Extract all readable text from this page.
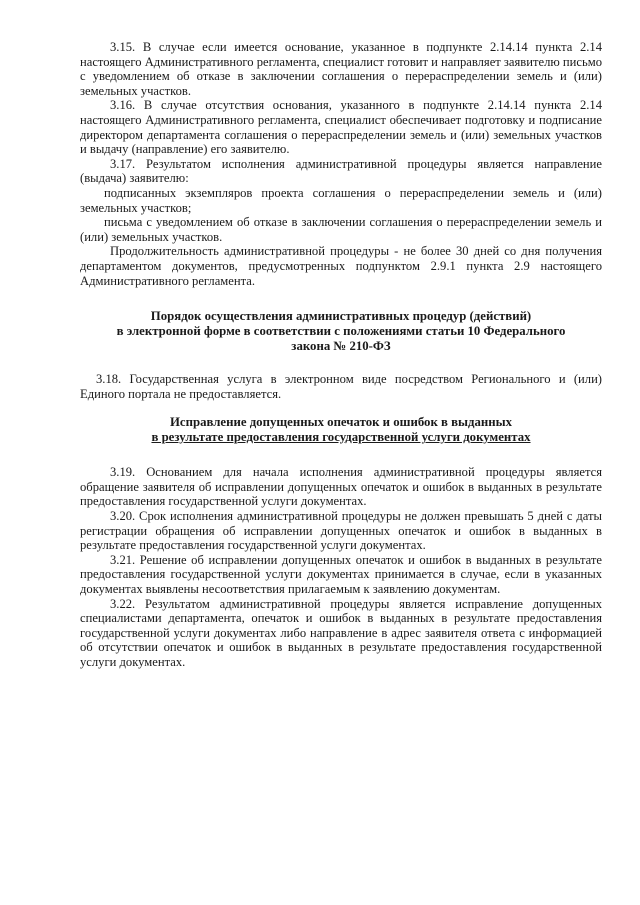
3.15. В случае если имеется основание, указанное в подпункте 2.14.14 пункта 2.14 настоящего Административного регламента, специалист готовит и направляет заявителю письмо с уведомлением об отказе в заключении соглашения о перераспределении земель и (или) земельных участков.

3.16. В случае отсутствия основания, указанного в подпункте 2.14.14 пункта 2.14 настоящего Административного регламента, специалист обеспечивает подготовку и подписание директором департамента соглашения о перераспределении земель и (или) земельных участков и выдачу (направление) его заявителю.

3.17. Результатом исполнения административной процедуры является направление (выдача) заявителю:

подписанных экземпляров проекта соглашения о перераспределении земель и (или) земельных участков;

письма с уведомлением об отказе в заключении соглашения о перераспределении земель и (или) земельных участков.

Продолжительность административной процедуры - не более 30 дней со дня получения департаментом документов, предусмотренных подпунктом 2.9.1 пункта 2.9 настоящего Административного регламента.

Порядок осуществления административных процедур (действий)
в электронной форме в соответствии с положениями статьи 10 Федерального
закона № 210-ФЗ

3.18. Государственная услуга в электронном виде посредством Регионального и (или) Единого портала не предоставляется.

Исправление допущенных опечаток и ошибок в выданных
в результате предоставления государственной услуги документах

3.19. Основанием для начала исполнения административной процедуры является обращение заявителя об исправлении допущенных опечаток и ошибок в выданных в результате предоставления государственной услуги документах.

3.20. Срок исполнения административной процедуры не должен превышать 5 дней с даты регистрации обращения об исправлении допущенных опечаток и ошибок в выданных в результате предоставления государственной услуги документах.

3.21. Решение об исправлении допущенных опечаток и ошибок в выданных в результате предоставления государственной услуги документах принимается в случае, если в указанных документах выявлены несоответствия прилагаемым к заявлению документам.

3.22. Результатом административной процедуры является исправление допущенных специалистами департамента, опечаток и ошибок в выданных в результате предоставления государственной услуги документах либо направление в адрес заявителя ответа с информацией об отсутствии опечаток и ошибок в выданных в результате предоставления государственной услуги документах.
